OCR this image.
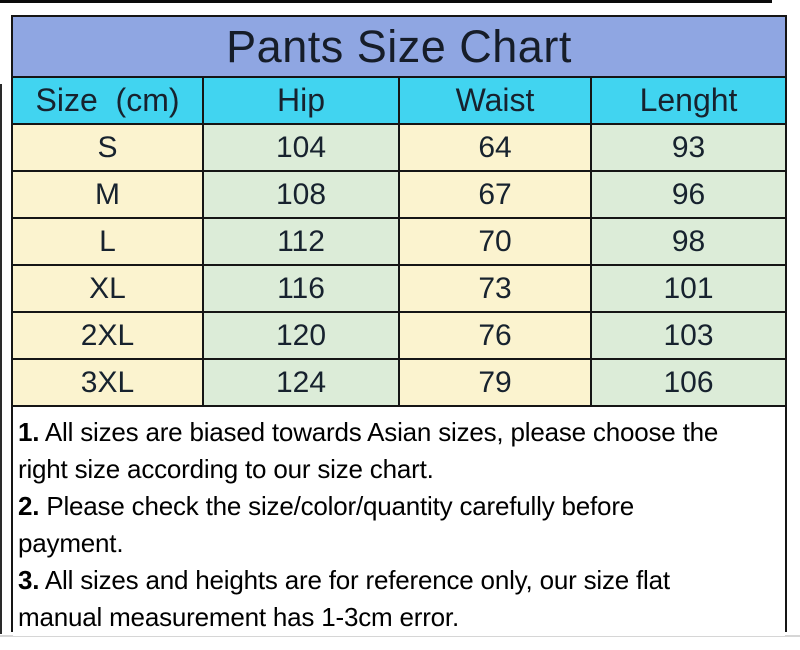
Pants Size Chart
Size  (cm)	Hip	Waist	Lenght
S	104	64	93
M	108	67	96
L	112	70	98
XL	116	73	101
2XL	120	76	103
3XL	124	79	106
1. All sizes are biased towards Asian sizes, please choose the
right size according to our size chart.
2. Please check the size/color/quantity carefully before
payment.
3. All sizes and heights are for reference only, our size flat
manual measurement has 1-3cm error.
